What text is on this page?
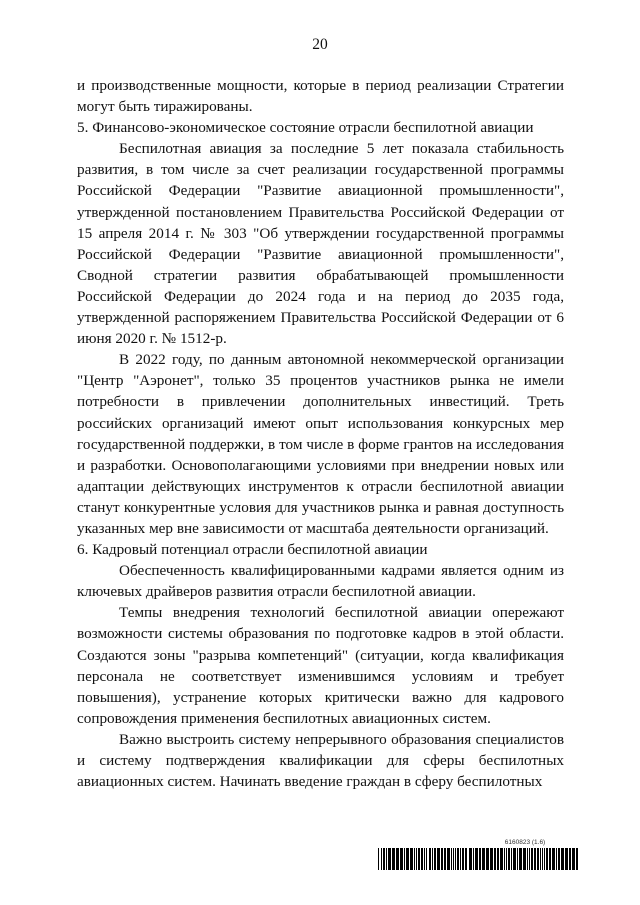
20

и производственные мощности, которые в период реализации Стратегии могут быть тиражированы.

5. Финансово-экономическое состояние отрасли беспилотной авиации

Беспилотная авиация за последние 5 лет показала стабильность развития, в том числе за счет реализации государственной программы Российской Федерации "Развитие авиационной промышленности", утвержденной постановлением Правительства Российской Федерации от 15 апреля 2014 г. № 303 "Об утверждении государственной программы Российской Федерации "Развитие авиационной промышленности", Сводной стратегии развития обрабатывающей промышленности Российской Федерации до 2024 года и на период до 2035 года, утвержденной распоряжением Правительства Российской Федерации от 6 июня 2020 г. № 1512-р.

В 2022 году, по данным автономной некоммерческой организации "Центр "Аэронет", только 35 процентов участников рынка не имели потребности в привлечении дополнительных инвестиций. Треть российских организаций имеют опыт использования конкурсных мер государственной поддержки, в том числе в форме грантов на исследования и разработки. Основополагающими условиями при внедрении новых или адаптации действующих инструментов к отрасли беспилотной авиации станут конкурентные условия для участников рынка и равная доступность указанных мер вне зависимости от масштаба деятельности организаций.

6. Кадровый потенциал отрасли беспилотной авиации

Обеспеченность квалифицированными кадрами является одним из ключевых драйверов развития отрасли беспилотной авиации.

Темпы внедрения технологий беспилотной авиации опережают возможности системы образования по подготовке кадров в этой области. Создаются зоны "разрыва компетенций" (ситуации, когда квалификация персонала не соответствует изменившимся условиям и требует повышения), устранение которых критически важно для кадрового сопровождения применения беспилотных авиационных систем.

Важно выстроить систему непрерывного образования специалистов и систему подтверждения квалификации для сферы беспилотных авиационных систем. Начинать введение граждан в сферу беспилотных

6160823 (1.6)
